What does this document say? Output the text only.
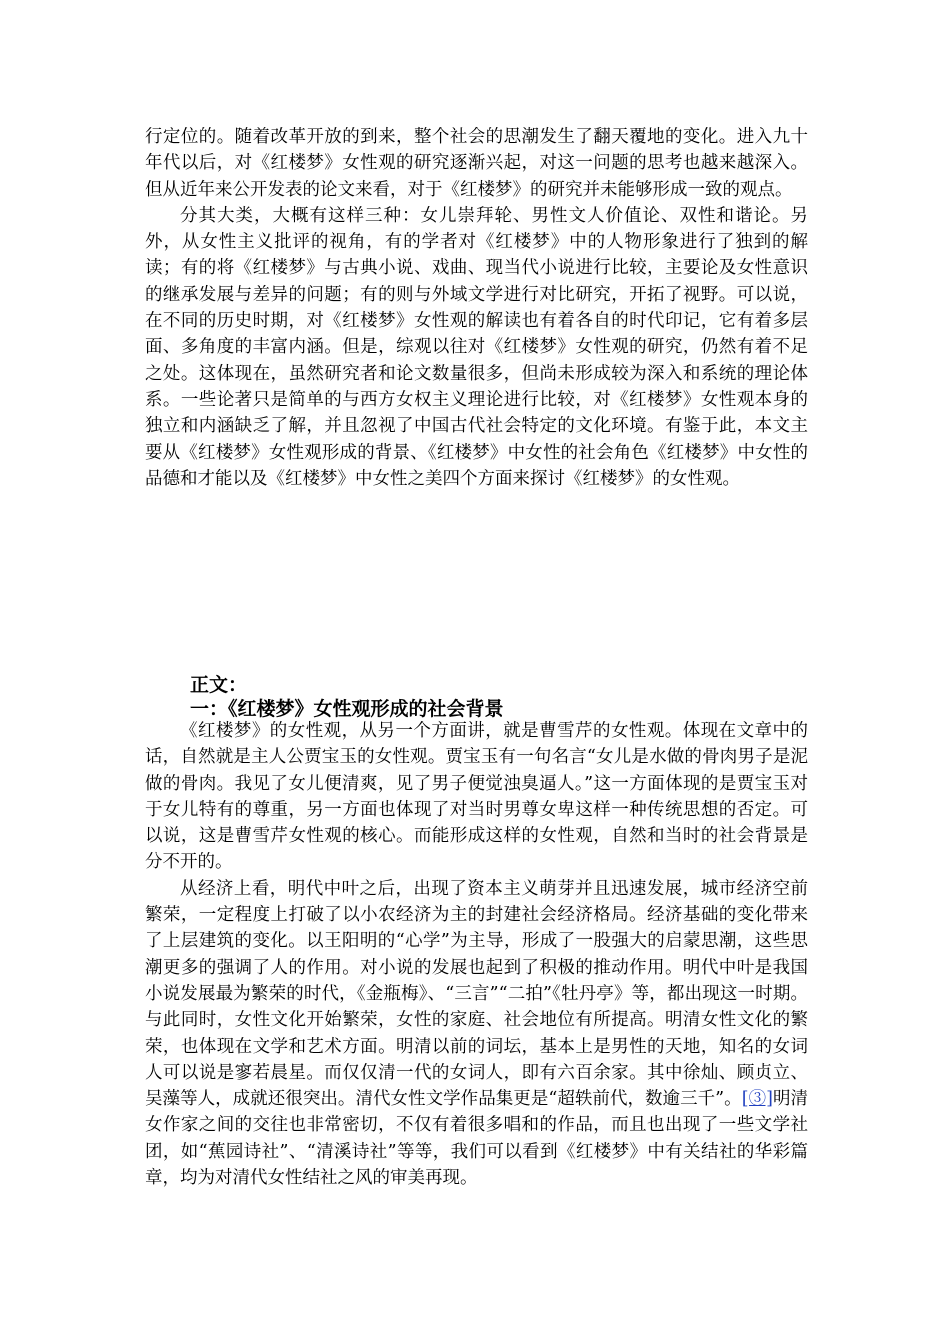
行定位的。随着改革开放的到来，整个社会的思潮发生了翻天覆地的变化。进入九十年代以后，对《红楼梦》女性观的研究逐渐兴起，对这一问题的思考也越来越深入。但从近年来公开发表的论文来看，对于《红楼梦》的研究并未能够形成一致的观点。

分其大类，大概有这样三种：女儿崇拜轮、男性文人价值论、双性和谐论。另外，从女性主义批评的视角，有的学者对《红楼梦》中的人物形象进行了独到的解读；有的将《红楼梦》与古典小说、戏曲、现当代小说进行比较，主要论及女性意识的继承发展与差异的问题；有的则与外域文学进行对比研究，开拓了视野。可以说，在不同的历史时期，对《红楼梦》女性观的解读也有着各自的时代印记，它有着多层面、多角度的丰富内涵。但是，综观以往对《红楼梦》女性观的研究，仍然有着不足之处。这体现在，虽然研究者和论文数量很多，但尚未形成较为深入和系统的理论体系。一些论著只是简单的与西方女权主义理论进行比较，对《红楼梦》女性观本身的独立和内涵缺乏了解，并且忽视了中国古代社会特定的文化环境。有鉴于此，本文主要从《红楼梦》女性观形成的背景、《红楼梦》中女性的社会角色《红楼梦》中女性的品德和才能以及《红楼梦》中女性之美四个方面来探讨《红楼梦》的女性观。

正文：
一：《红楼梦》女性观形成的社会背景

《红楼梦》的女性观，从另一个方面讲，就是曹雪芹的女性观。体现在文章中的话，自然就是主人公贾宝玉的女性观。贾宝玉有一句名言“女儿是水做的骨肉男子是泥做的骨肉。我见了女儿便清爽，见了男子便觉浊臭逼人。”这一方面体现的是贾宝玉对于女儿特有的尊重，另一方面也体现了对当时男尊女卑这样一种传统思想的否定。可以说，这是曹雪芹女性观的核心。而能形成这样的女性观，自然和当时的社会背景是分不开的。

从经济上看，明代中叶之后，出现了资本主义萌芽并且迅速发展，城市经济空前繁荣，一定程度上打破了以小农经济为主的封建社会经济格局。经济基础的变化带来了上层建筑的变化。以王阳明的“心学”为主导，形成了一股强大的启蒙思潮，这些思潮更多的强调了人的作用。对小说的发展也起到了积极的推动作用。明代中叶是我国小说发展最为繁荣的时代，《金瓶梅》、“三言”“二拍”《牡丹亭》等，都出现这一时期。与此同时，女性文化开始繁荣，女性的家庭、社会地位有所提高。明清女性文化的繁荣，也体现在文学和艺术方面。明清以前的词坛，基本上是男性的天地，知名的女词人可以说是寥若晨星。而仅仅清一代的女词人，即有六百余家。其中徐灿、顾贞立、吴藻等人，成就还很突出。清代女性文学作品集更是“超轶前代，数逾三千”。[③]明清女作家之间的交往也非常密切，不仅有着很多唱和的作品，而且也出现了一些文学社团，如“蕉园诗社”、“清溪诗社”等等，我们可以看到《红楼梦》中有关结社的华彩篇章，均为对清代女性结社之风的审美再现。
